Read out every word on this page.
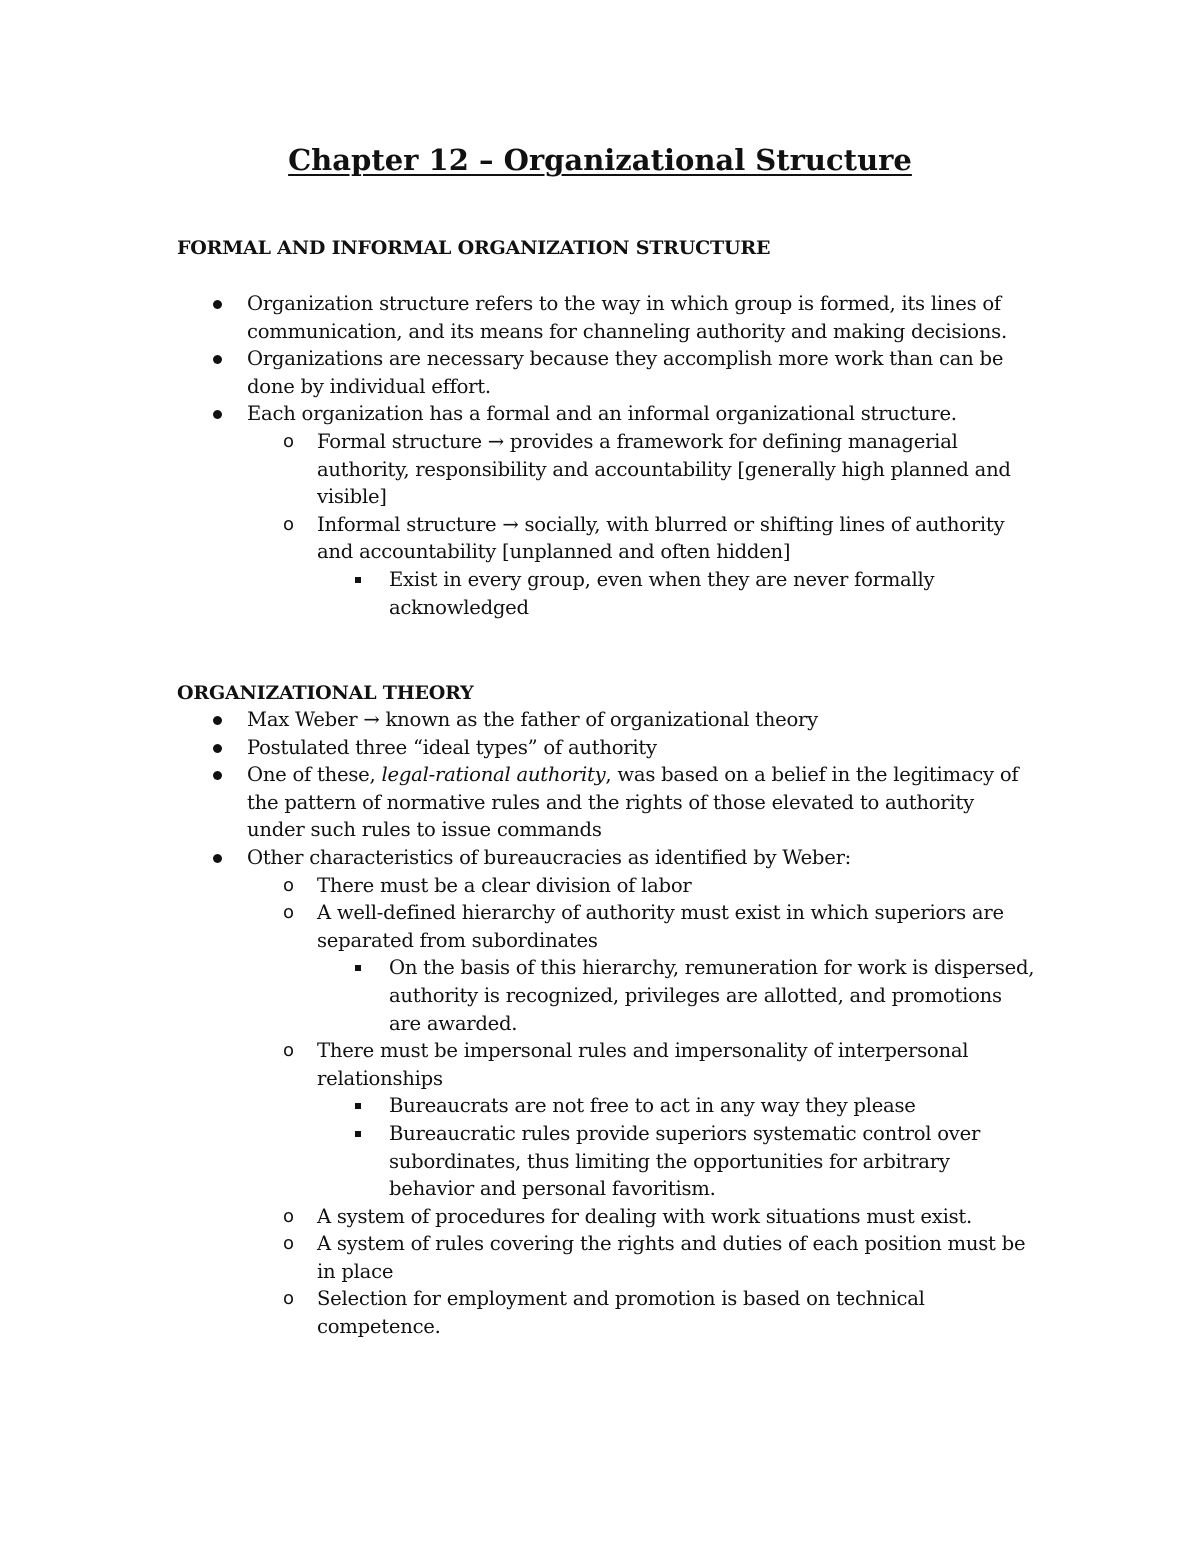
Chapter 12 – Organizational Structure
FORMAL AND INFORMAL ORGANIZATION STRUCTURE
Organization structure refers to the way in which group is formed, its lines of communication, and its means for channeling authority and making decisions.
Organizations are necessary because they accomplish more work than can be done by individual effort.
Each organization has a formal and an informal organizational structure.
o Formal structure → provides a framework for defining managerial authority, responsibility and accountability [generally high planned and visible]
o Informal structure → socially, with blurred or shifting lines of authority and accountability [unplanned and often hidden]
Exist in every group, even when they are never formally acknowledged
ORGANIZATIONAL THEORY
Max Weber → known as the father of organizational theory
Postulated three “ideal types” of authority
One of these, legal-rational authority, was based on a belief in the legitimacy of the pattern of normative rules and the rights of those elevated to authority under such rules to issue commands
Other characteristics of bureaucracies as identified by Weber:
o There must be a clear division of labor
o A well-defined hierarchy of authority must exist in which superiors are separated from subordinates
On the basis of this hierarchy, remuneration for work is dispersed, authority is recognized, privileges are allotted, and promotions are awarded.
o There must be impersonal rules and impersonality of interpersonal relationships
Bureaucrats are not free to act in any way they please
Bureaucratic rules provide superiors systematic control over subordinates, thus limiting the opportunities for arbitrary behavior and personal favoritism.
o A system of procedures for dealing with work situations must exist.
o A system of rules covering the rights and duties of each position must be in place
o Selection for employment and promotion is based on technical competence.
